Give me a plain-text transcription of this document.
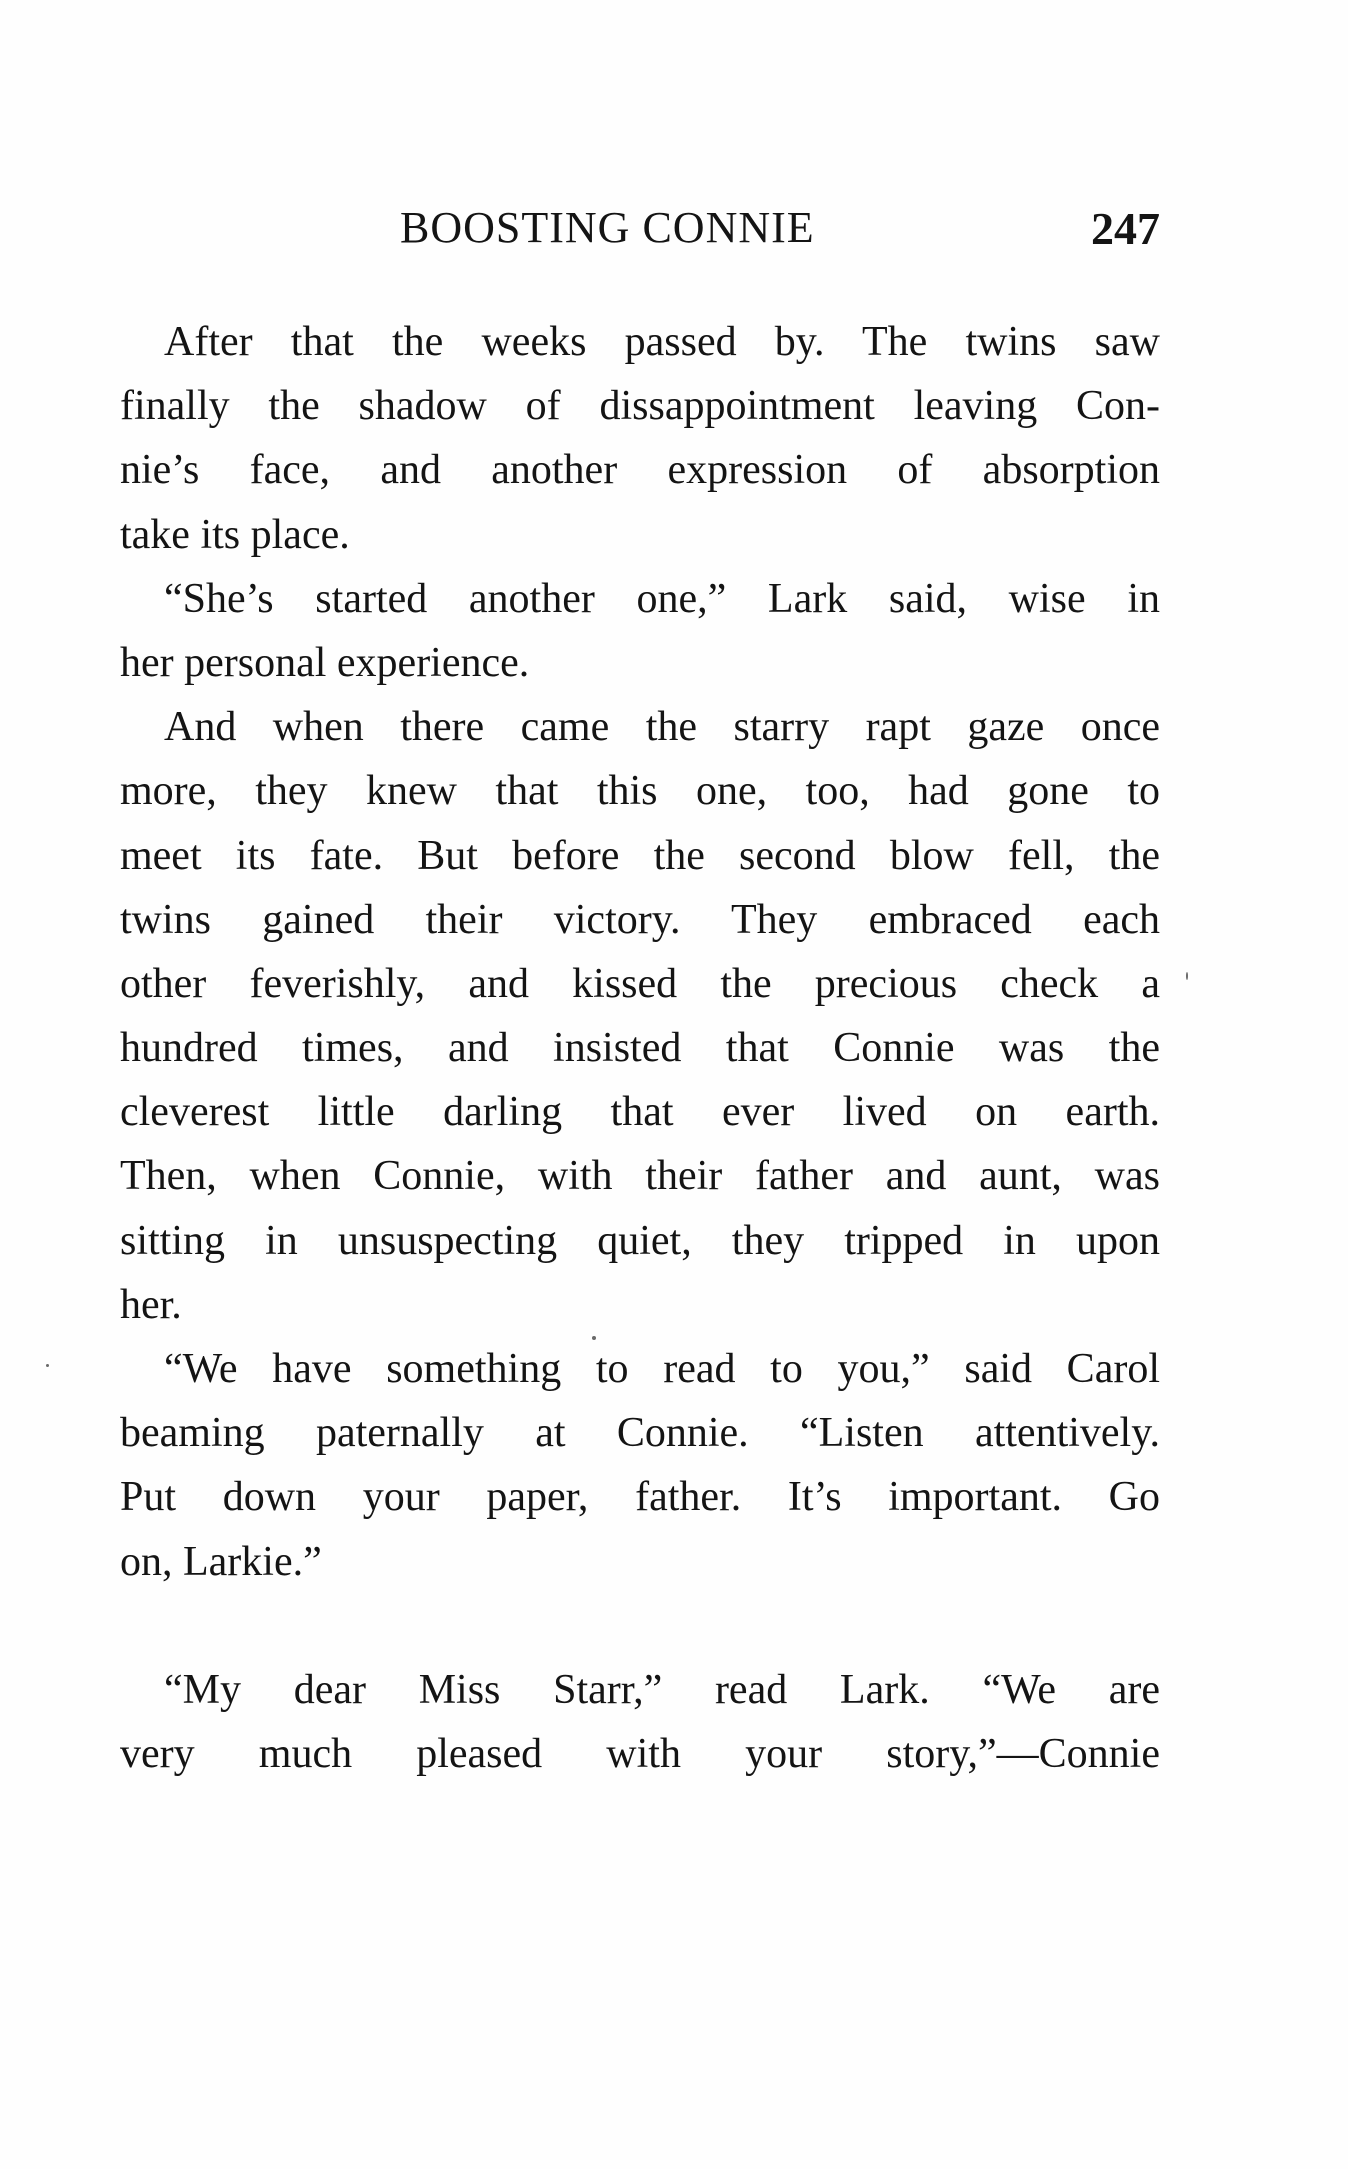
BOOSTING CONNIE	247
After that the weeks passed by. The twins saw
finally the shadow of dissappointment leaving Con-
nie’s face, and another expression of absorption
take its place.
“She’s started another one,” Lark said, wise in
her personal experience.
And when there came the starry rapt gaze once
more, they knew that this one, too, had gone to
meet its fate. But before the second blow fell, the
twins gained their victory. They embraced each
other feverishly, and kissed the precious check a
hundred times, and insisted that Connie was the
cleverest little darling that ever lived on earth.
Then, when Connie, with their father and aunt, was
sitting in unsuspecting quiet, they tripped in upon
her.
“We have something to read to you,” said Carol
beaming paternally at Connie. “Listen attentively.
Put down your paper, father. It’s important. Go
on, Larkie.”
“My dear Miss Starr,” read Lark. “We are
very much pleased with your story,”—Connie
